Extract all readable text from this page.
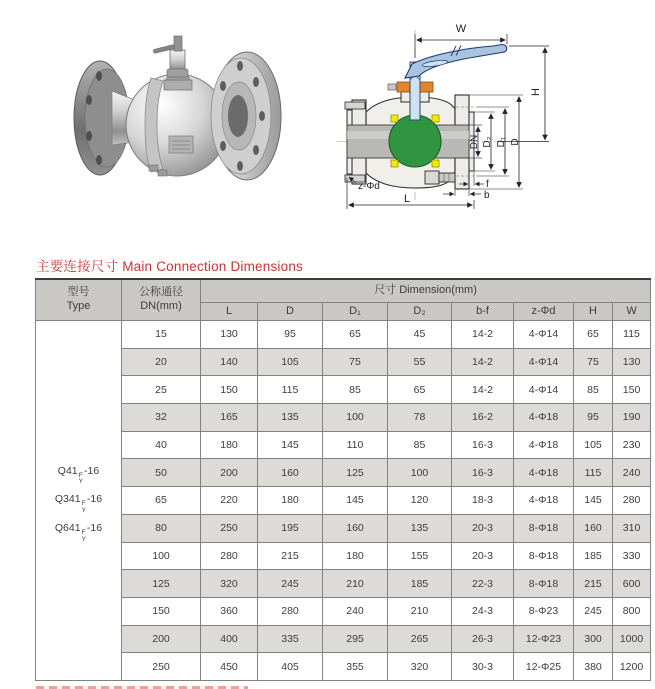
W
H
DN D₂ D₁ D
z-Φd	f
b
L
主要连接尺寸 Main Connection Dimensions
型号
Type

公称通径
DN(mm)
	尺寸 Dimension(mm)
		L	D	D₁	D₂	b-f	z-Φd	H	W

Q41 F
Y
-16
Q341 F
Y
-16
Q641 F
Y
-16
	15	130	95	65	45	14-2	4-Φ14	65	115
	20	140	105	75	55	14-2	4-Φ14	75	130
	25	150	115	85	65	14-2	4-Φ14	85	150
	32	165	135	100	78	16-2	4-Φ18	95	190
	40	180	145	110	85	16-3	4-Φ18	105	230
	50	200	160	125	100	16-3	4-Φ18	115	240
	65	220	180	145	120	18-3	4-Φ18	145	280
	80	250	195	160	135	20-3	8-Φ18	160	310
	100	280	215	180	155	20-3	8-Φ18	185	330
	125	320	245	210	185	22-3	8-Φ18	215	600
	150	360	280	240	210	24-3	8-Φ23	245	800
	200	400	335	295	265	26-3	12-Φ23	300	1000
	250	450	405	355	320	30-3	12-Φ25	380	1200
